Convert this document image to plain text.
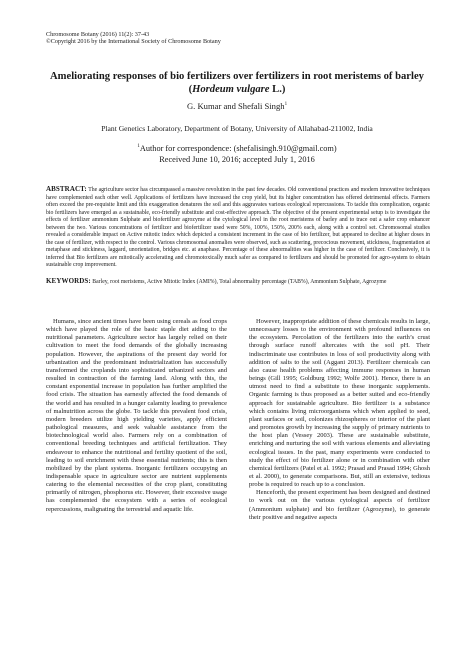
Chromosome Botany (2016) 11(2): 37-43
©Copyright 2016 by the International Society of Chromosome Botany
Ameliorating responses of bio fertilizers over fertilizers in root meristems of barley (Hordeum vulgare L.)
G. Kumar and Shefali Singh$^1$
Plant Genetics Laboratory, Department of Botany, University of Allahabad-211002, India
$^1$Author for correspondence: (shefalisingh.910@gmail.com)
Received June 10, 2016; accepted July 1, 2016
ABSTRACT: The agriculture sector has circumpassed a massive revolution in the past few decades. Old conventional practices and modern innovative techniques have complemented each other well. Applications of fertilizers have increased the crop yield, but its higher concentration has offered detrimental effects. Farmers often exceed the pre-requisite limit and this exaggeration denatures the soil and this aggravates various ecological repercussions. To tackle this complication, organic bio fertilizers have emerged as a sustainable, eco-friendly substitute and cost-effective approach. The objective of the present experimental setup is to investigate the effects of fertilizer ammonium Sulphate and biofertilizer agrozyme at the cytological level in the root meristems of barley and to trace out a safer crop enhancer between the two. Various concentrations of fertilizer and biofertilizer used were 50%, 100%, 150%, 200% each, along with a control set. Chromosomal studies revealed a considerable impact on Active mitotic index which depicted a consistent increment in the case of bio fertilizer, but appeared to decline at higher doses in the case of fertilizer, with respect to the control. Various chromosomal anomalies were observed, such as scattering, precocious movement, stickiness, fragmentation at metaphase and stickiness, laggard, unorientation, bridges etc. at anaphase. Percentage of these abnormalities was higher in the case of fertilizer. Conclusively, it is inferred that Bio fertilizers are mitotically accelerating and chromotoxically much safer as compared to fertilizers and should be promoted for agro-system to obtain sustainable crop improvement.
KEYWORDS: Barley, root meristems, Active Mitotic Index (AMI%), Total abnormality percentage (TAB%), Ammonium Sulphate, Agrozyme

Humans, since ancient times have been using cereals as food crops which have played the role of the basic staple diet aiding to the nutritional parameters. Agriculture sector has largely relied on their cultivation to meet the food demands of the globally increasing population. However, the aspirations of the present day world for urbanization and the predominant industrialization has successfully transformed the croplands into sophisticated urbanized sectors and resulted in contraction of the farming land. Along with this, the constant exponential increase in population has further amplified the food crisis. The situation has earnestly affected the food demands of the world and has resulted in a hunger calamity leading to prevalence of malnutrition across the globe. To tackle this prevalent food crisis, modern breeders utilize high yielding varieties, apply efficient pathological measures, and seek valuable assistance from the biotechnological world also. Farmers rely on a combination of conventional breeding techniques and artificial fertilization. They endeavour to enhance the nutritional and fertility quotient of the soil, leading to soil enrichment with these essential nutrients; this is then mobilized by the plant systems. Inorganic fertilizers occupying an indispensable space in agriculture sector are nutrient supplements catering to the elemental necessities of the crop plant, constituting primarily of nitrogen, phosphorus etc. However, their excessive usage has complemented the ecosystem with a series of ecological repercussions, malignating the terrestrial and aquatic life.

However, inappropriate addition of these chemicals results in large, unnecessary losses to the environment with profound influences on the ecosystem. Percolation of the fertilizers into the earth’s crust through surface runoff altercates with the soil pH. Their indiscriminate use contributes in loss of soil productivity along with addition of salts to the soil (Aggani 2013). Fertilizer chemicals can also cause health problems affecting immune responses in human beings (Gill 1995; Goldburg 1992; Wolfe 2001). Hence, there is an utmost need to find a substitute to these inorganic supplements. Organic farming is thus proposed as a better suited and eco-friendly approach for sustainable agriculture. Bio fertilizer is a substance which contains living microorganisms which when applied to seed, plant surfaces or soil, colonizes rhizospheres or interior of the plant and promotes growth by increasing the supply of primary nutrients to the host plan (Vessey 2003). These are sustainable substitute, enriching and nurturing the soil with various elements and alleviating ecological issues. In the past, many experiments were conducted to study the effect of bio fertilizer alone or in combination with other chemical fertilizers (Patel et al. 1992; Prasad and Prasad 1994; Ghosh et al. 2000), to generate comparisons. But, still an extensive, tedious probe is required to reach up to a conclusion.

Henceforth, the present experiment has been designed and destined to work out on the various cytological aspects of fertilizer (Ammonium sulphate) and bio fertilizer (Agrozyme), to generate their positive and negative aspects
